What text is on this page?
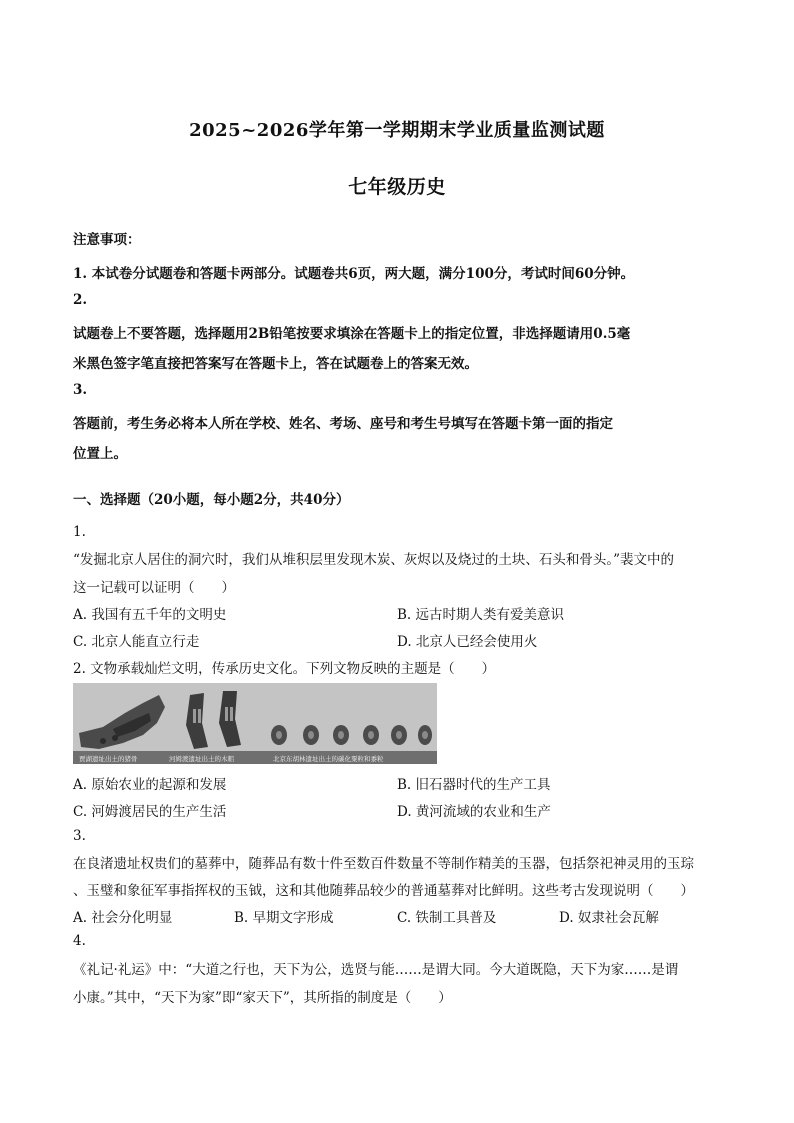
2025~2026学年第一学期期末学业质量监测试题
七年级历史
注意事项：
1. 本试卷分试题卷和答题卡两部分。试题卷共6页，两大题，满分100分，考试时间60分钟。
2.
试题卷上不要答题，选择题用2B铅笔按要求填涂在答题卡上的指定位置，非选择题请用0.5毫
米黑色签字笔直接把答案写在答题卡上，答在试题卷上的答案无效。
3.
答题前，考生务必将本人所在学校、姓名、考场、座号和考生号填写在答题卡第一面的指定
位置上。
一、选择题（20小题，每小题2分，共40分）
1.
“发掘北京人居住的洞穴时，我们从堆积层里发现木炭、灰烬以及烧过的土块、石头和骨头。”裴文中的
这一记载可以证明（　　）
A. 我国有五千年的文明史	B. 远古时期人类有爱美意识
C. 北京人能直立行走	D. 北京人已经会使用火
2. 文物承载灿烂文明，传承历史文化。下列文物反映的主题是（　　）
贾湖遗址出土的猪骨	河姆渡遗址出土的木耜	北京东胡林遗址出土的碳化粟粒和黍粒
A. 原始农业的起源和发展	B. 旧石器时代的生产工具
C. 河姆渡居民的生产生活	D. 黄河流域的农业和生产
3.
在良渚遗址权贵们的墓葬中，随葬品有数十件至数百件数量不等制作精美的玉器，包括祭祀神灵用的玉琮
、玉璧和象征军事指挥权的玉钺，这和其他随葬品较少的普通墓葬对比鲜明。这些考古发现说明（　　）
A. 社会分化明显	B. 早期文字形成	C. 铁制工具普及	D. 奴隶社会瓦解
4.
《礼记·礼运》中：“大道之行也，天下为公，选贤与能……是谓大同。今大道既隐，天下为家……是谓
小康。”其中，“天下为家”即“家天下”，其所指的制度是（　　）
